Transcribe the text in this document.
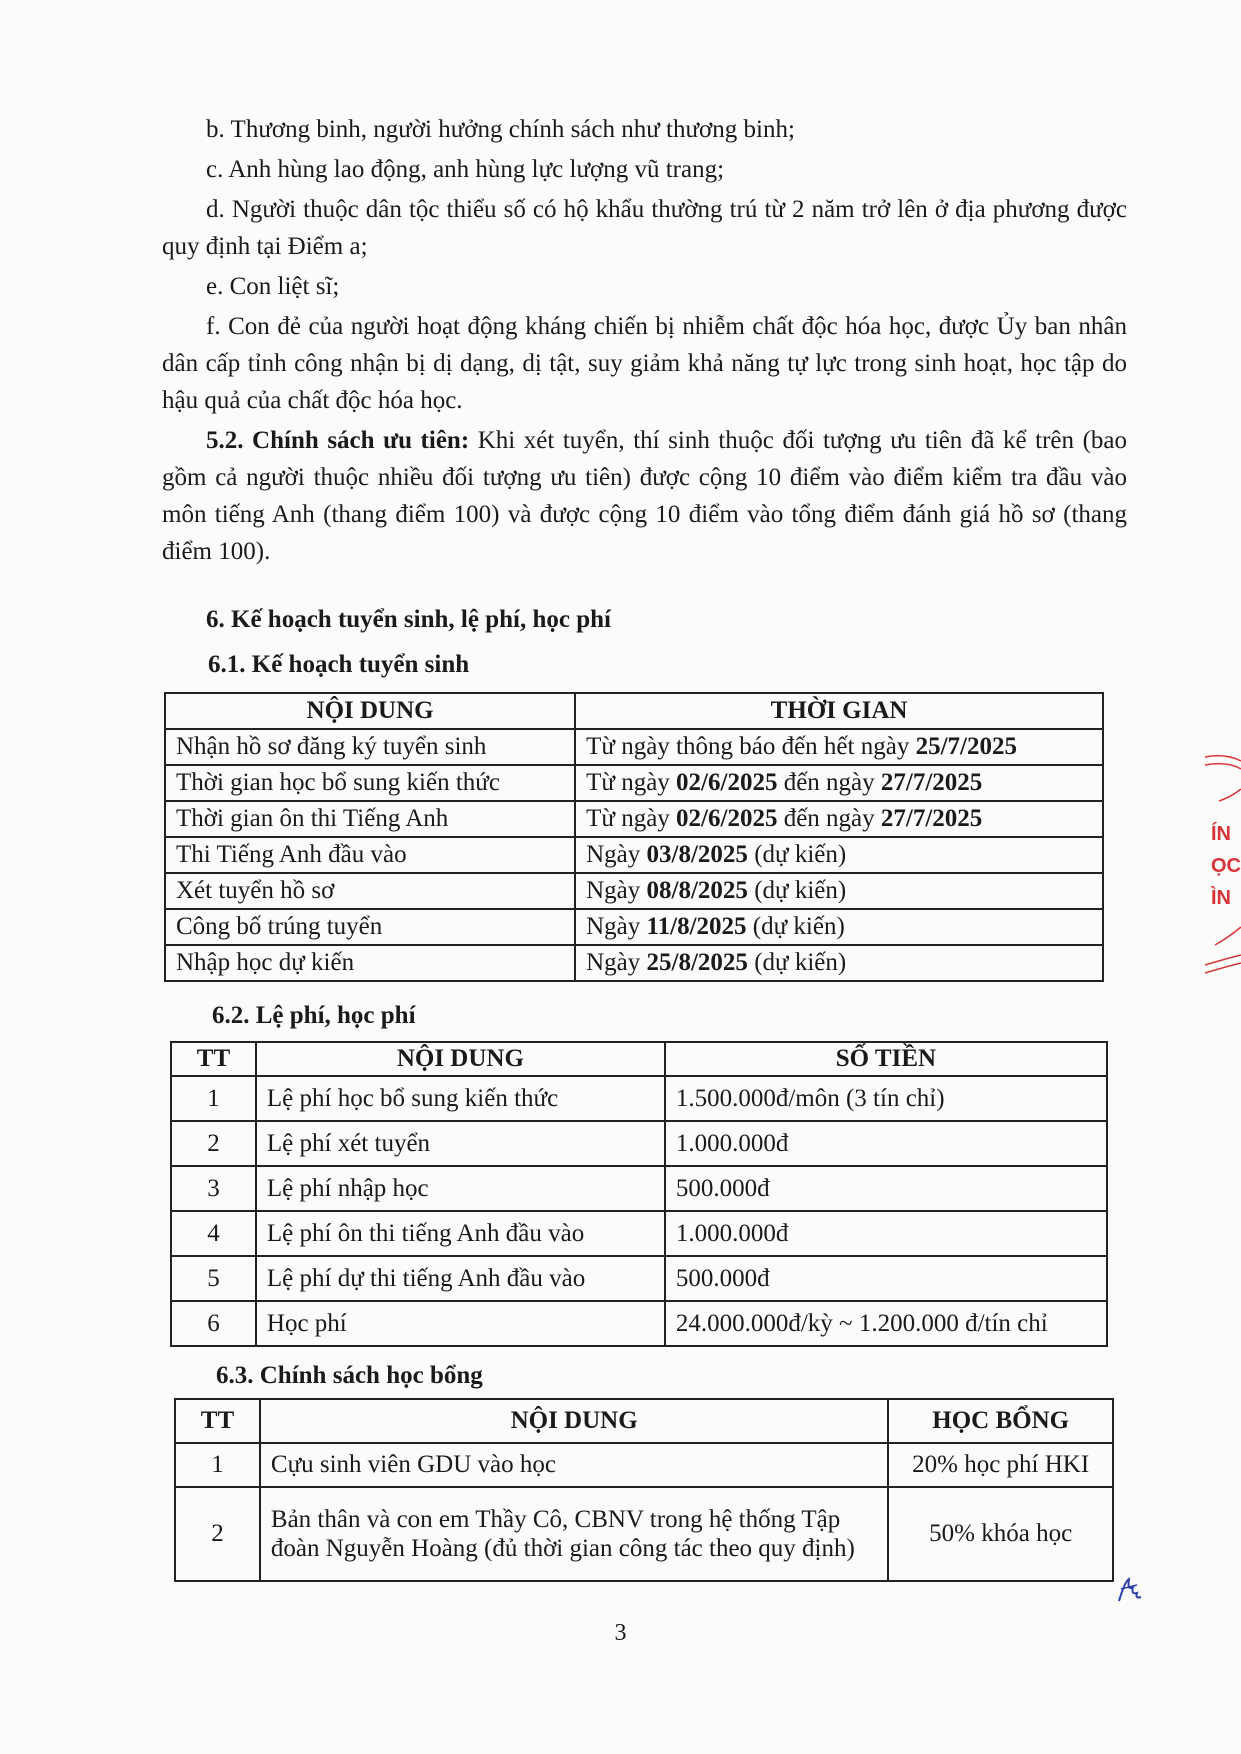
b. Thương binh, người hưởng chính sách như thương binh;

c. Anh hùng lao động, anh hùng lực lượng vũ trang;

d. Người thuộc dân tộc thiểu số có hộ khẩu thường trú từ 2 năm trở lên ở địa phương được quy định tại Điểm a;

e. Con liệt sĩ;

f. Con đẻ của người hoạt động kháng chiến bị nhiễm chất độc hóa học, được Ủy ban nhân dân cấp tỉnh công nhận bị dị dạng, dị tật, suy giảm khả năng tự lực trong sinh hoạt, học tập do hậu quả của chất độc hóa học.

5.2. Chính sách ưu tiên: Khi xét tuyển, thí sinh thuộc đối tượng ưu tiên đã kể trên (bao gồm cả người thuộc nhiều đối tượng ưu tiên) được cộng 10 điểm vào điểm kiểm tra đầu vào môn tiếng Anh (thang điểm 100) và được cộng 10 điểm vào tổng điểm đánh giá hồ sơ (thang điểm 100).

6. Kế hoạch tuyển sinh, lệ phí, học phí
6.1. Kế hoạch tuyển sinh
NỘI DUNG	THỜI GIAN
Nhận hồ sơ đăng ký tuyển sinh	Từ ngày thông báo đến hết ngày 25/7/2025
Thời gian học bổ sung kiến thức	Từ ngày 02/6/2025 đến ngày 27/7/2025
Thời gian ôn thi Tiếng Anh	Từ ngày 02/6/2025 đến ngày 27/7/2025
Thi Tiếng Anh đầu vào	Ngày 03/8/2025 (dự kiến)
Xét tuyển hồ sơ	Ngày 08/8/2025 (dự kiến)
Công bố trúng tuyển	Ngày 11/8/2025 (dự kiến)
Nhập học dự kiến	Ngày 25/8/2025 (dự kiến)
6.2. Lệ phí, học phí
TT	NỘI DUNG	SỐ TIỀN
1	Lệ phí học bổ sung kiến thức	1.500.000đ/môn (3 tín chỉ)
2	Lệ phí xét tuyển	1.000.000đ
3	Lệ phí nhập học	500.000đ
4	Lệ phí ôn thi tiếng Anh đầu vào	1.000.000đ
5	Lệ phí dự thi tiếng Anh đầu vào	500.000đ
6	Học phí	24.000.000đ/kỳ ~ 1.200.000 đ/tín chỉ
6.3. Chính sách học bổng
TT	NỘI DUNG	HỌC BỔNG
1	Cựu sinh viên GDU vào học	20% học phí HKI
2	Bản thân và con em Thầy Cô, CBNV trong hệ thống Tập đoàn Nguyễn Hoàng (đủ thời gian công tác theo quy định)	50% khóa học
3
ÍN
ỌC
ÌN
